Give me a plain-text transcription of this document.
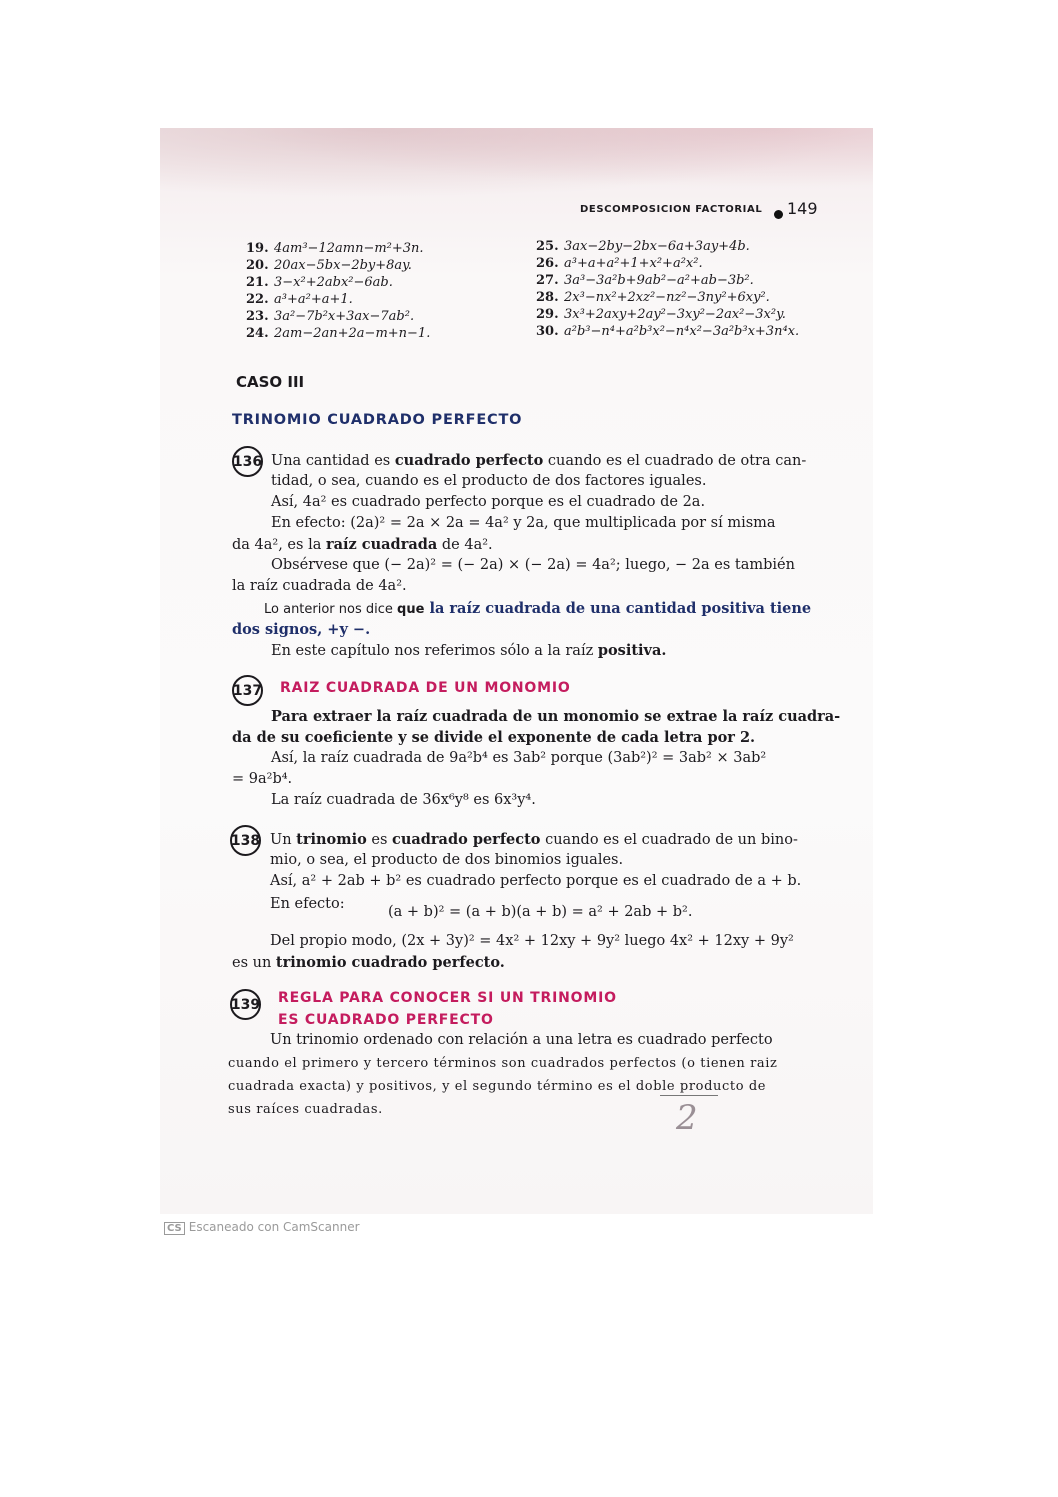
DESCOMPOSICION FACTORIAL 149
19. 4am³−12amn−m²+3n.
20. 20ax−5bx−2by+8ay.
21. 3−x²+2abx²−6ab.
22. a³+a²+a+1.
23. 3a²−7b²x+3ax−7ab².
24. 2am−2an+2a−m+n−1.
25. 3ax−2by−2bx−6a+3ay+4b.
26. a³+a+a²+1+x²+a²x².
27. 3a³−3a²b+9ab²−a²+ab−3b².
28. 2x³−nx²+2xz²−nz²−3ny²+6xy².
29. 3x³+2axy+2ay²−3xy²−2ax²−3x²y.
30. a²b³−n⁴+a²b³x²−n⁴x²−3a²b³x+3n⁴x.
CASO III
TRINOMIO CUADRADO PERFECTO
136 Una cantidad es cuadrado perfecto cuando es el cuadrado de otra can-
tidad, o sea, cuando es el producto de dos factores iguales.
Así, 4a² es cuadrado perfecto porque es el cuadrado de 2a.
En efecto: (2a)² = 2a × 2a = 4a² y 2a, que multiplicada por sí misma
da 4a², es la raíz cuadrada de 4a².
Obsérvese que (− 2a)² = (− 2a) × (− 2a) = 4a²; luego, − 2a es también
la raíz cuadrada de 4a².
Lo anterior nos dice que la raíz cuadrada de una cantidad positiva tiene
dos signos, +y −.
En este capítulo nos referimos sólo a la raíz positiva.
137 RAIZ CUADRADA DE UN MONOMIO
Para extraer la raíz cuadrada de un monomio se extrae la raíz cuadra-
da de su coeficiente y se divide el exponente de cada letra por 2.
Así, la raíz cuadrada de 9a²b⁴ es 3ab² porque (3ab²)² = 3ab² × 3ab²
= 9a²b⁴.
La raíz cuadrada de 36x⁶y⁸ es 6x³y⁴.
138 Un trinomio es cuadrado perfecto cuando es el cuadrado de un bino-
mio, o sea, el producto de dos binomios iguales.
Así, a² + 2ab + b² es cuadrado perfecto porque es el cuadrado de a + b.
En efecto:	(a + b)² = (a + b)(a + b) = a² + 2ab + b².
Del propio modo, (2x + 3y)² = 4x² + 12xy + 9y² luego 4x² + 12xy + 9y²
es un trinomio cuadrado perfecto.
139 REGLA PARA CONOCER SI UN TRINOMIO
ES CUADRADO PERFECTO
Un trinomio ordenado con relación a una letra es cuadrado perfecto
cuando el primero y tercero términos son cuadrados perfectos (o tienen raiz
cuadrada exacta) y positivos, y el segundo término es el doble producto de
sus raíces cuadradas.	2
CS Escaneado con CamScanner
